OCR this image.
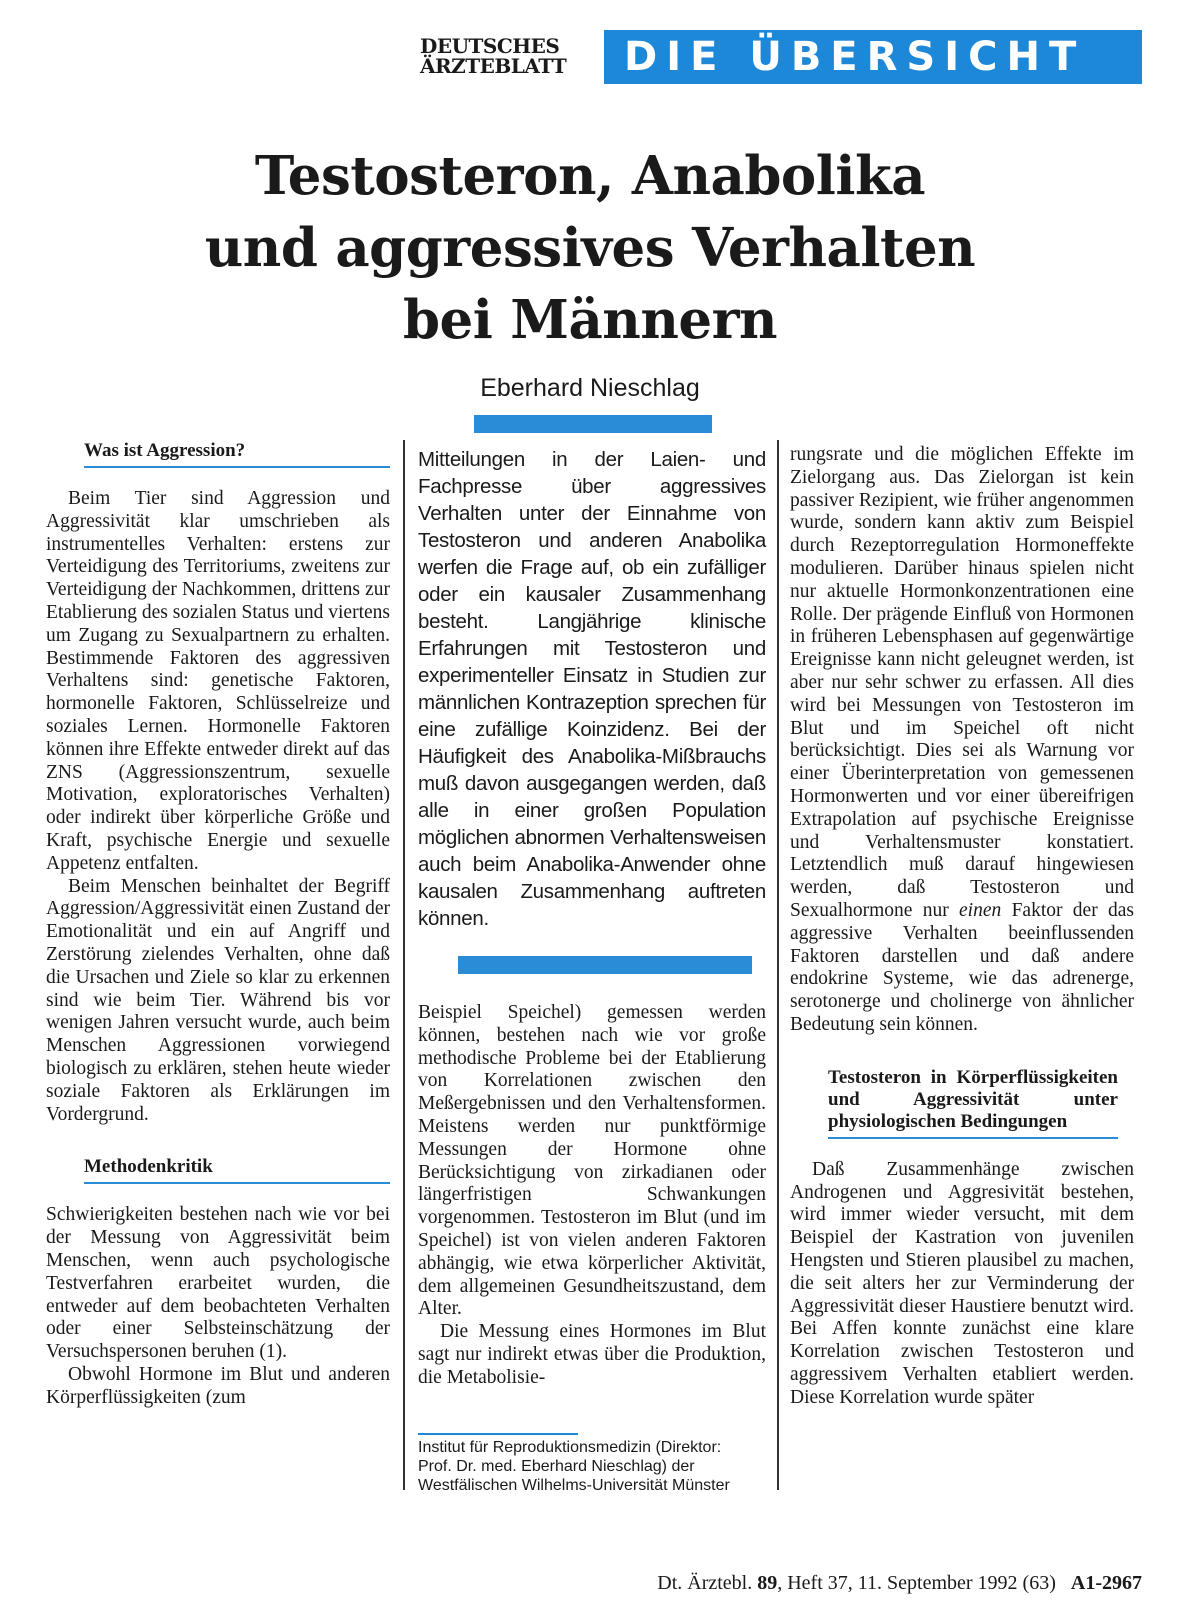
DEUTSCHES
ÄRZTEBLATT	DIE ÜBERSICHT
Testosteron, Anabolika
und aggressives Verhalten
bei Männern
Eberhard Nieschlag
Was ist Aggression?

Beim Tier sind Aggression und Aggressivität klar umschrieben als instrumentelles Verhalten: erstens zur Verteidigung des Territoriums, zweitens zur Verteidigung der Nachkommen, drittens zur Etablierung des sozialen Status und viertens um Zugang zu Sexualpartnern zu erhalten. Bestimmende Faktoren des aggressiven Verhaltens sind: genetische Faktoren, hormonelle Faktoren, Schlüsselreize und soziales Lernen. Hormonelle Faktoren können ihre Effekte entweder direkt auf das ZNS (Aggressionszentrum, sexuelle Motivation, exploratorisches Verhalten) oder indirekt über körperliche Größe und Kraft, psychische Energie und sexuelle Appetenz entfalten.

Beim Menschen beinhaltet der Begriff Aggression/Aggressivität einen Zustand der Emotionalität und ein auf Angriff und Zerstörung zielendes Verhalten, ohne daß die Ursachen und Ziele so klar zu erkennen sind wie beim Tier. Während bis vor wenigen Jahren versucht wurde, auch beim Menschen Aggressionen vorwiegend biologisch zu erklären, stehen heute wieder soziale Faktoren als Erklärungen im Vordergrund.

Methodenkritik

Schwierigkeiten bestehen nach wie vor bei der Messung von Aggressivität beim Menschen, wenn auch psychologische Testverfahren erarbeitet wurden, die entweder auf dem beobachteten Verhalten oder einer Selbsteinschätzung der Versuchspersonen beruhen (1).

Obwohl Hormone im Blut und anderen Körperflüssigkeiten (zum

Mitteilungen in der Laien- und Fachpresse über aggressives Verhalten unter der Einnahme von Testosteron und anderen Anabolika werfen die Frage auf, ob ein zufälliger oder ein kausaler Zusammenhang besteht. Langjährige klinische Erfahrungen mit Testosteron und experimenteller Einsatz in Studien zur männlichen Kontrazeption sprechen für eine zufällige Koinzidenz. Bei der Häufigkeit des Anabolika-Mißbrauchs muß davon ausgegangen werden, daß alle in einer großen Population möglichen abnormen Verhaltensweisen auch beim Anabolika-Anwender ohne kausalen Zusammenhang auftreten können.

Beispiel Speichel) gemessen werden können, bestehen nach wie vor große methodische Probleme bei der Etablierung von Korrelationen zwischen den Meßergebnissen und den Verhaltensformen. Meistens werden nur punktförmige Messungen der Hormone ohne Berücksichtigung von zirkadianen oder längerfristigen Schwankungen vorgenommen. Testosteron im Blut (und im Speichel) ist von vielen anderen Faktoren abhängig, wie etwa körperlicher Aktivität, dem allgemeinen Gesundheitszustand, dem Alter.

Die Messung eines Hormones im Blut sagt nur indirekt etwas über die Produktion, die Metabolisie-

rungsrate und die möglichen Effekte im Zielorgang aus. Das Zielorgan ist kein passiver Rezipient, wie früher angenommen wurde, sondern kann aktiv zum Beispiel durch Rezeptorregulation Hormoneffekte modulieren. Darüber hinaus spielen nicht nur aktuelle Hormonkonzentrationen eine Rolle. Der prägende Einfluß von Hormonen in früheren Lebensphasen auf gegenwärtige Ereignisse kann nicht geleugnet werden, ist aber nur sehr schwer zu erfassen. All dies wird bei Messungen von Testosteron im Blut und im Speichel oft nicht berücksichtigt. Dies sei als Warnung vor einer Überinterpretation von gemessenen Hormonwerten und vor einer übereifrigen Extrapolation auf psychische Ereignisse und Verhaltensmuster konstatiert. Letztendlich muß darauf hingewiesen werden, daß Testosteron und Sexualhormone nur einen Faktor der das aggressive Verhalten beeinflussenden Faktoren darstellen und daß andere endokrine Systeme, wie das adrenerge, serotonerge und cholinerge von ähnlicher Bedeutung sein können.

Testosteron in Körperflüssigkeiten und Aggressivität unter physiologischen Bedingungen

Daß Zusammenhänge zwischen Androgenen und Aggresivität bestehen, wird immer wieder versucht, mit dem Beispiel der Kastration von juvenilen Hengsten und Stieren plausibel zu machen, die seit alters her zur Verminderung der Aggressivität dieser Haustiere benutzt wird. Bei Affen konnte zunächst eine klare Korrelation zwischen Testosteron und aggressivem Verhalten etabliert werden. Diese Korrelation wurde später

Institut für Reproduktionsmedizin (Direktor: Prof. Dr. med. Eberhard Nieschlag) der Westfälischen Wilhelms-Universität Münster
Dt. Ärztebl. 89, Heft 37, 11. September 1992 (63) A1-2967
